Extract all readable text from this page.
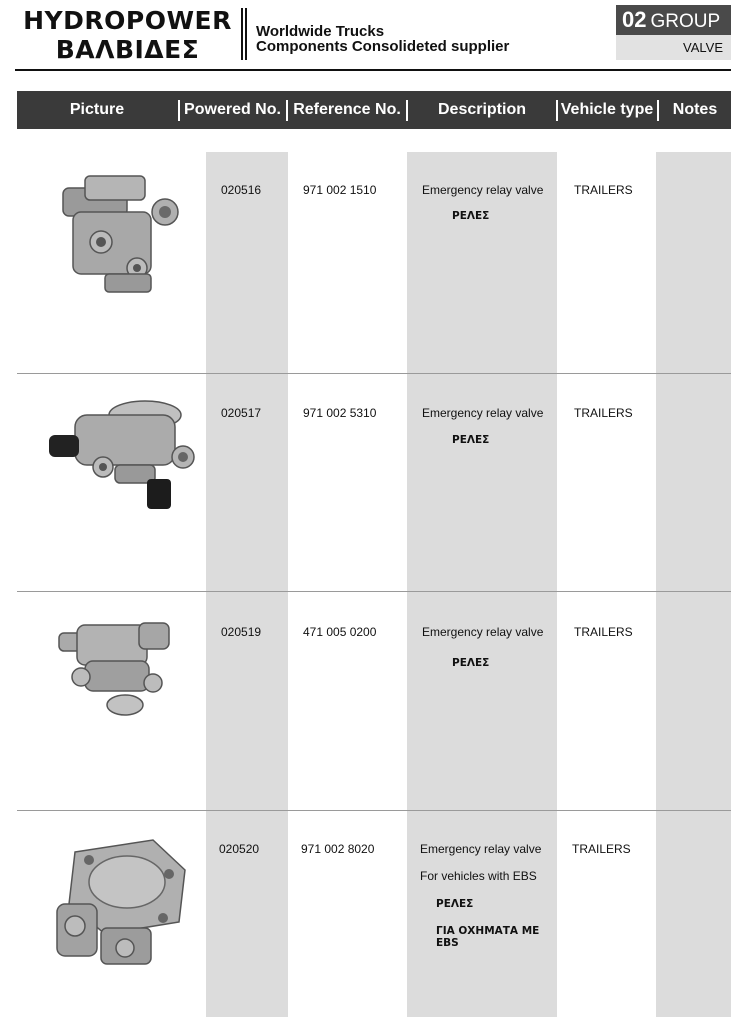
HYDROPOWER
ΒΑΛΒΙΔΕΣ
Worldwide Trucks
Components Consolideted supplier
02 GROUP
VALVE
Picture	Powered No. Reference No.	Description	Vehicle type	Notes
020516	971 002 1510	Emergency relay valve
ΡΕΛΕΣ
TRAILERS
020517	971 002 5310	Emergency relay valve
ΡΕΛΕΣ
TRAILERS
020519	471 005 0200	Emergency relay valve
ΡΕΛΕΣ
TRAILERS
020520	971 002 8020	Emergency relay valve
For vehicles with EBS
ΡΕΛΕΣ
ΓΙΑ ΟΧΗΜΑΤΑ ΜΕ EBS
TRAILERS
